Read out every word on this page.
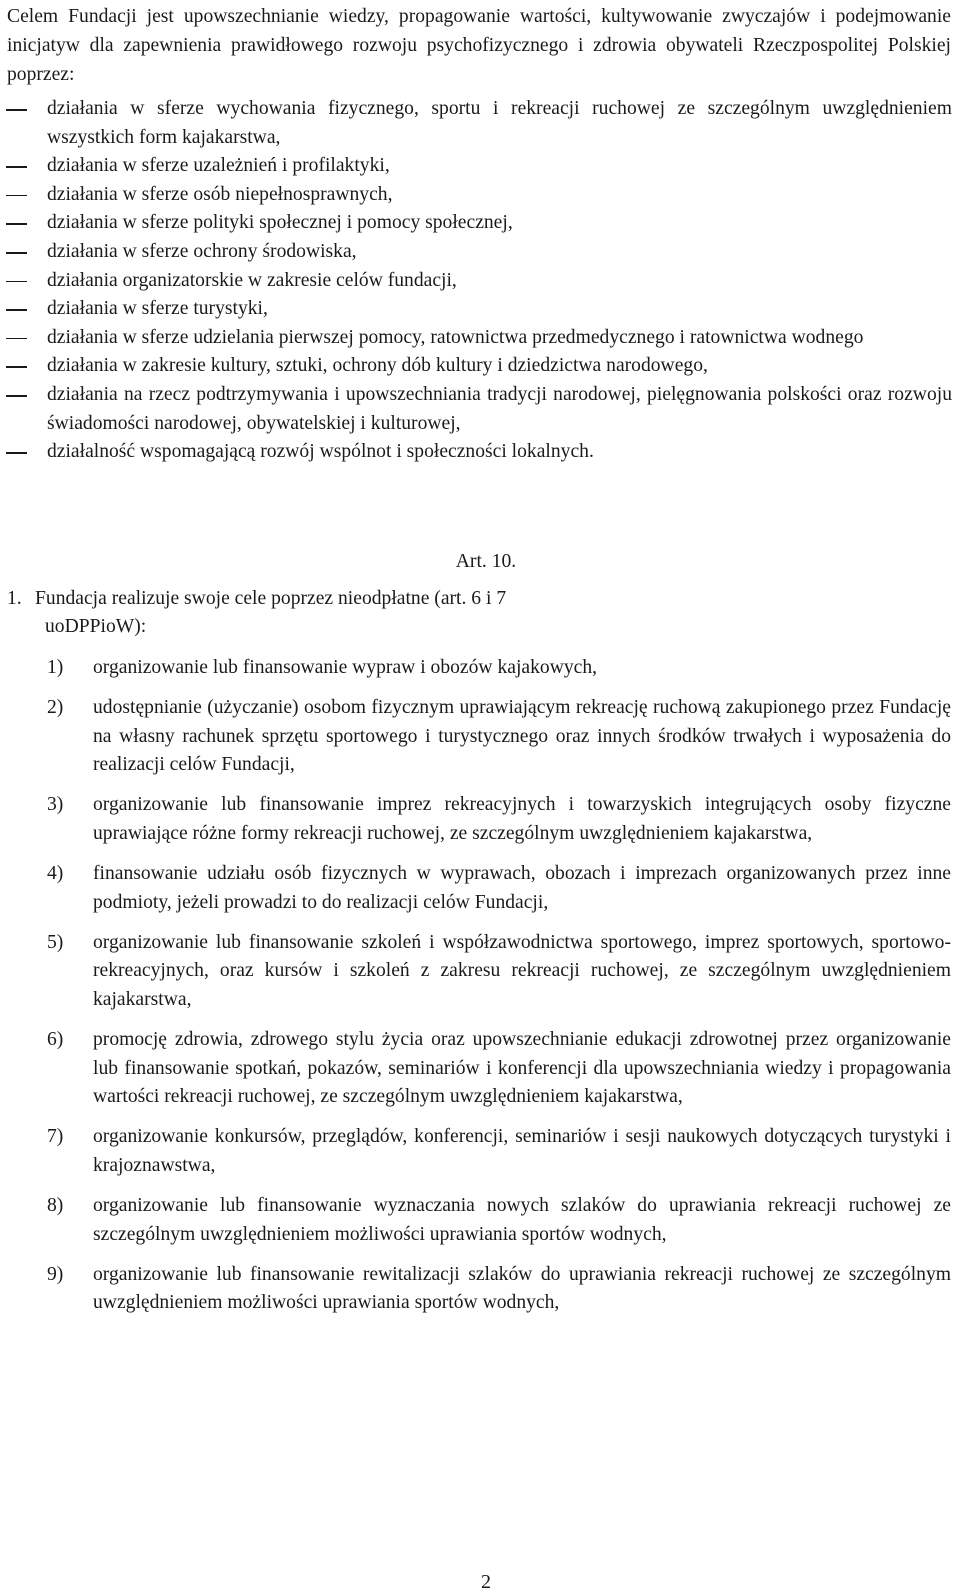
Celem Fundacji jest upowszechnianie wiedzy, propagowanie wartości, kultywowanie zwyczajów i podejmowanie inicjatyw dla zapewnienia prawidłowego rozwoju psychofizycznego i zdrowia obywateli Rzeczpospolitej Polskiej poprzez:

działania w sferze wychowania fizycznego, sportu i rekreacji ruchowej ze szczególnym uwzględnieniem wszystkich form kajakarstwa,
działania w sferze uzależnień i profilaktyki,
działania w sferze osób niepełnosprawnych,
działania w sferze polityki społecznej i pomocy społecznej,
działania w sferze ochrony środowiska,
działania organizatorskie w zakresie celów fundacji,
działania w sferze turystyki,
działania w sferze udzielania pierwszej pomocy, ratownictwa przedmedycznego i ratownictwa wodnego
działania w zakresie kultury, sztuki, ochrony dób kultury i dziedzictwa narodowego,
działania na rzecz podtrzymywania i upowszechniania tradycji narodowej, pielęgnowania polskości oraz rozwoju świadomości narodowej, obywatelskiej i kulturowej,
działalność wspomagającą rozwój wspólnot i społeczności lokalnych.
Art. 10.

1. Fundacja realizuje swoje cele poprzez nieodpłatne (art. 6 i 7
uoDPPioW):

1) organizowanie lub finansowanie wypraw i obozów kajakowych,
2) udostępnianie (użyczanie) osobom fizycznym uprawiającym rekreację ruchową zakupionego przez Fundację na własny rachunek sprzętu sportowego i turystycznego oraz innych środków trwałych i wyposażenia do realizacji celów Fundacji,
3) organizowanie lub finansowanie imprez rekreacyjnych i towarzyskich integrujących osoby fizyczne uprawiające różne formy rekreacji ruchowej, ze szczególnym uwzględnieniem kajakarstwa,
4) finansowanie udziału osób fizycznych w wyprawach, obozach i imprezach organizowanych przez inne podmioty, jeżeli prowadzi to do realizacji celów Fundacji,
5) organizowanie lub finansowanie szkoleń i współzawodnictwa sportowego, imprez sportowych, sportowo-rekreacyjnych, oraz kursów i szkoleń z zakresu rekreacji ruchowej, ze szczególnym uwzględnieniem kajakarstwa,
6) promocję zdrowia, zdrowego stylu życia oraz upowszechnianie edukacji zdrowotnej przez organizowanie lub finansowanie spotkań, pokazów, seminariów i konferencji dla upowszechniania wiedzy i propagowania wartości rekreacji ruchowej, ze szczególnym uwzględnieniem kajakarstwa,
7) organizowanie konkursów, przeglądów, konferencji, seminariów i sesji naukowych dotyczących turystyki i krajoznawstwa,
8) organizowanie lub finansowanie wyznaczania nowych szlaków do uprawiania rekreacji ruchowej ze szczególnym uwzględnieniem możliwości uprawiania sportów wodnych,
9) organizowanie lub finansowanie rewitalizacji szlaków do uprawiania rekreacji ruchowej ze szczególnym uwzględnieniem możliwości uprawiania sportów wodnych,
2
